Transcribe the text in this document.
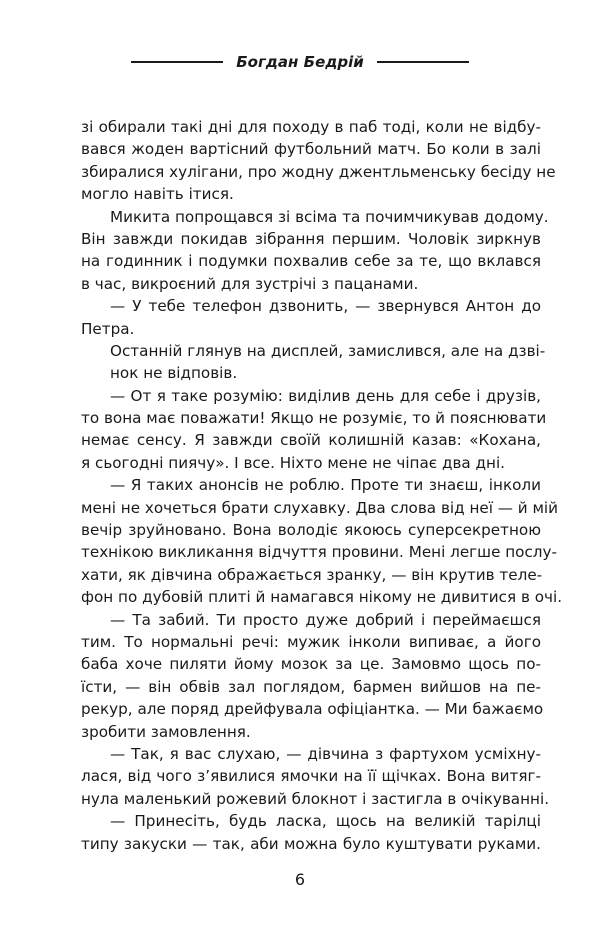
Богдан Бедрій
зі обирали такі дні для походу в паб тоді, коли не відбу-
вався жоден вартісний футбольний матч. Бо коли в залі
збиралися хулігани, про жодну джентльменську бесіду не
могло навіть ітися.
Микита попрощався зі всіма та почимчикував додому.
Він завжди покидав зібрання першим. Чоловік зиркнув
на годинник і подумки похвалив себе за те, що вклався
в час, викроєний для зустрічі з пацанами.
— У тебе телефон дзвонить, — звернувся Антон до
Петра.
Останній глянув на дисплей, замислився, але на дзві-
нок не відповів.
— От я таке розумію: виділив день для себе і друзів,
то вона має поважати! Якщо не розуміє, то й пояснювати
немає сенсу. Я завжди своїй колишній казав: «Кохана,
я сьогодні пиячу». І все. Ніхто мене не чіпає два дні.
— Я таких анонсів не роблю. Проте ти знаєш, інколи
мені не хочеться брати слухавку. Два слова від неї — й мій
вечір зруйновано. Вона володіє якоюсь суперсекретною
технікою викликання відчуття провини. Мені легше послу-
хати, як дівчина ображається зранку, — він крутив теле-
фон по дубовій плиті й намагався нікому не дивитися в очі.
— Та забий. Ти просто дуже добрий і переймаєшся
тим. То нормальні речі: мужик інколи випиває, а його
баба хоче пиляти йому мозок за це. Замовмо щось по-
їсти, — він обвів зал поглядом, бармен вийшов на пе-
рекур, але поряд дрейфувала офіціантка. — Ми бажаємо
зробити замовлення.
— Так, я вас слухаю, — дівчина з фартухом усміхну-
лася, від чого з’явилися ямочки на її щічках. Вона витяг-
нула маленький рожевий блокнот і застигла в очікуванні.
— Принесіть, будь ласка, щось на великій тарілці
типу закуски — так, аби можна було куштувати руками.
6
